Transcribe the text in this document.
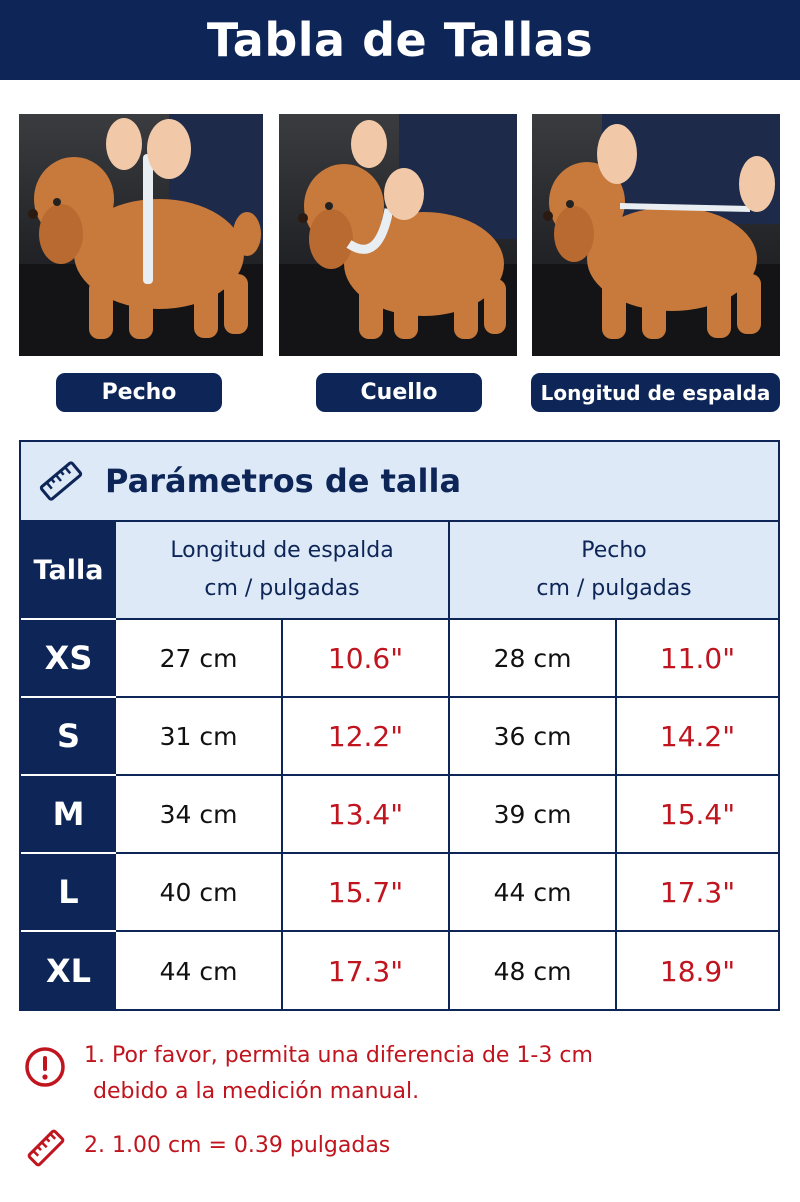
Tabla de Tallas
Pecho	Cuello	Longitud de espalda
Parámetros de talla
Talla
Longitud de espalda
cm / pulgadas
Pecho
cm / pulgadas
XS	27 cm	10.6"	28 cm	11.0"
S	31 cm	12.2"	36 cm	14.2"
M	34 cm	13.4"	39 cm	15.4"
L	40 cm	15.7"	44 cm	17.3"
XL	44 cm	17.3"	48 cm	18.9"
1. Por favor, permita una diferencia de 1-3 cm
debido a la medición manual.
2. 1.00 cm = 0.39 pulgadas
